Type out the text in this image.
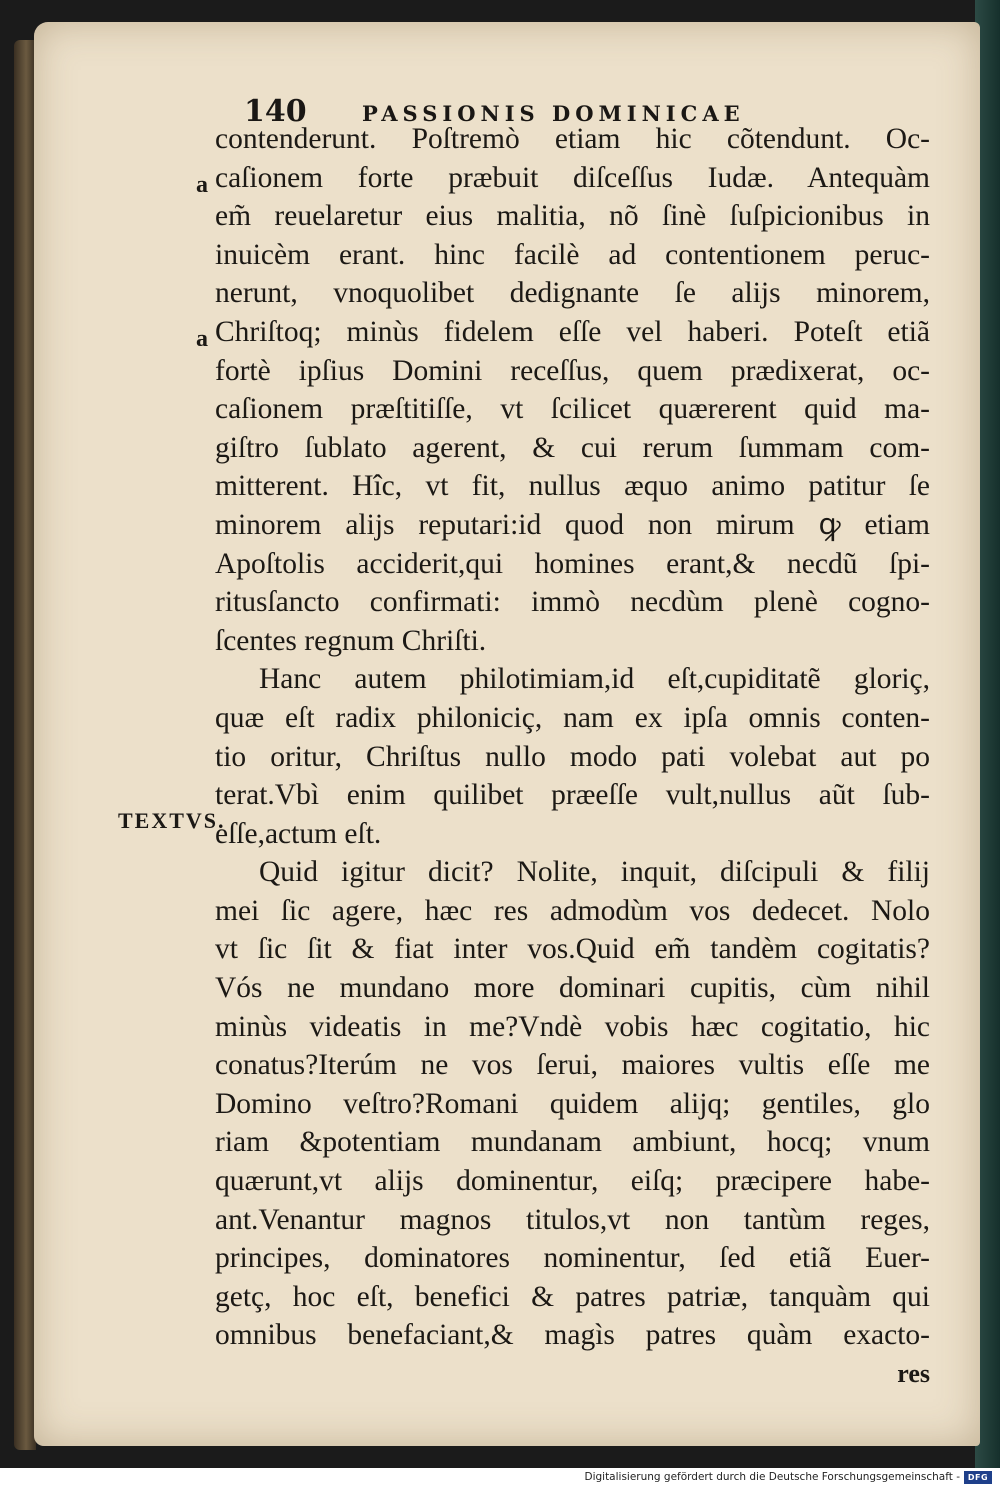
140	PASSIONIS DOMINICAE
a
a
TEXTVS.
contenderunt. Poſtremò etiam hic cõtendunt. Oc-
caſionem forte præbuit diſceſſus Iudæ. Antequàm
em̃ reuelaretur eius malitia, nõ ſinè ſuſpicionibus in
inuicèm erant. hinc facilè ad contentionem peruc-
nerunt, vnoquolibet dedignante ſe alijs minorem,
Chriſtoq; minùs fidelem eſſe vel haberi. Poteſt etiã
fortè ipſius Domini receſſus, quem prædixerat, oc-
caſionem præſtitiſſe, vt ſcilicet quærerent quid ma-
giſtro ſublato agerent, & cui rerum ſummam com-
mitterent. Hîc, vt fit, nullus æquo animo patitur ſe
minorem alijs reputari:id quod non mirum ꝙ etiam
Apoſtolis acciderit,qui homines erant,& necdũ ſpi-
ritusſancto confirmati: immò necdùm plenè cogno-
ſcentes regnum Chriſti.
Hanc autem philotimiam,id eſt,cupiditatẽ gloriç,
quæ eſt radix philoniciç, nam ex ipſa omnis conten-
tio oritur, Chriſtus nullo modo pati volebat aut po
terat.Vbì enim quilibet præeſſe vult,nullus aũt ſub-
eſſe,actum eſt.
Quid igitur dicit? Nolite, inquit, diſcipuli & filij
mei ſic agere, hæc res admodùm vos dedecet. Nolo
vt ſic ſit & fiat inter vos.Quid em̃ tandèm cogitatis?
Vós ne mundano more dominari cupitis, cùm nihil
minùs videatis in me?Vndè vobis hæc cogitatio, hic
conatus?Iterúm ne vos ſerui, maiores vultis eſſe me
Domino veſtro?Romani quidem alijq; gentiles, glo
riam &potentiam mundanam ambiunt, hocq; vnum
quærunt,vt alijs dominentur, eiſq; præcipere habe-
ant.Venantur magnos titulos,vt non tantùm reges,
principes, dominatores nominentur, ſed etiã Euer-
getç, hoc eſt, benefici & patres patriæ, tanquàm qui
omnibus benefaciant,& magìs patres quàm exacto-
res
Digitalisierung gefördert durch die Deutsche Forschungsgemeinschaft - DFG
